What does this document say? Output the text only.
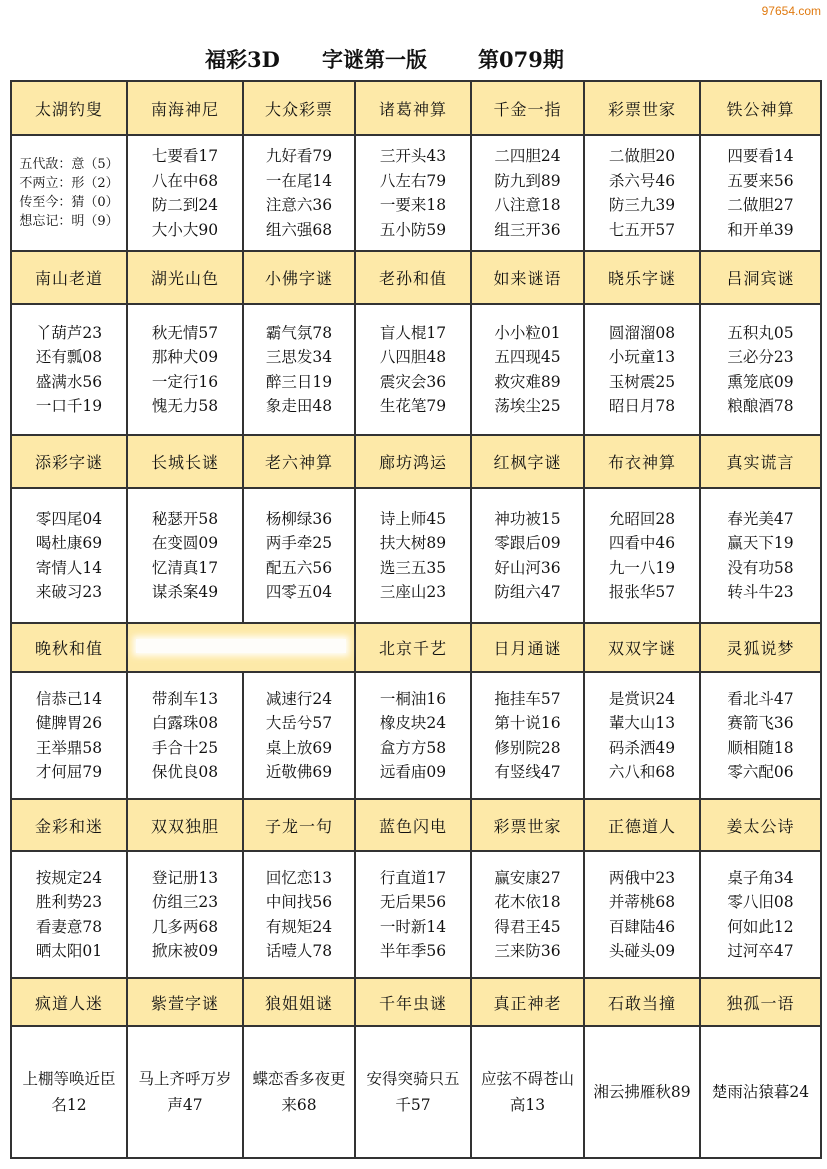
97654.com
福彩3D 字谜第一版 第079期
太湖钓叟	南海神尼	大众彩票	诸葛神算	千金一指	彩票世家	铁公神算

五代敌：意（5）
不两立：形（2）
传至今：猜（0）
想忘记：明（9）	七要看17
八在中68
防二到24
大小大90	九好看79
一在尾14
注意六36
组六强68	三开头43
八左右79
一要来18
五小防59	二四胆24
防九到89
八注意18
组三开36	二做胆20
杀六号46
防三九39
七五开57	四要看14
五要来56
二做胆27
和开单39

南山老道	湖光山色	小佛字谜	老孙和值	如来谜语	晓乐字谜	吕洞宾谜

丫葫芦23
还有瓢08
盛满水56
一口千19	秋无情57
那种犬09
一定行16
愧无力58	霸气氛78
三思发34
醉三日19
象走田48	盲人棍17
八四胆48
震灾会36
生花笔79	小小粒01
五四现45
救灾难89
荡埃尘25	圆溜溜08
小玩童13
玉树震25
昭日月78	五积丸05
三必分23
熏笼底09
粮酿酒78

添彩字谜	长城长谜	老六神算	廊坊鸿运	红枫字谜	布衣神算	真实谎言

零四尾04
喝杜康69
寄情人14
来破习23	秘瑟开58
在变圆09
忆清真17
谋杀案49	杨柳绿36
两手牵25
配五六56
四零五04	诗上师45
扶大树89
选三五35
三座山23	神功被15
零跟后09
好山河36
防组六47	允昭回28
四看中46
九一八19
报张华57	春光美47
赢天下19
没有功58
转斗牛23

晚秋和值			北京千艺	日月通谜	双双字谜	灵狐说梦

信恭己14
健脾胃26
王举鼎58
才何屈79	带刹车13
白露珠08
手合十25
保优良08	减速行24
大岳兮57
桌上放69
近敬佛69	一桐油16
橡皮块24
盒方方58
远看庙09	拖挂车57
第十说16
修别院28
有竖线47	是赏识24
輩大山13
码杀洒49
六八和68	看北斗47
赛箭飞36
顺相随18
零六配06

金彩和迷	双双独胆	子龙一句	蓝色闪电	彩票世家	正德道人	姜太公诗

按规定24
胜利势23
看妻意78
晒太阳01	登记册13
仿组三23
几多两68
掀床被09	回忆恋13
中间找56
有规矩24
话噎人78	行直道17
无后果56
一时新14
半年季56	赢安康27
花木依18
得君王45
三来防36	两俄中23
并蒂桃68
百肆陆46
头碰头09	桌子角34
零八旧08
何如此12
过河卒47

疯道人迷	紫萱字谜	狼姐姐谜	千年虫谜	真正神老	石敢当撞	独孤一语

上棚等唤近臣名12	马上齐呼万岁声47	蝶恋香多夜更来68	安得突骑只五千57	应弦不碍苍山高13	湘云拂雁秋89	楚雨沾猿暮24
